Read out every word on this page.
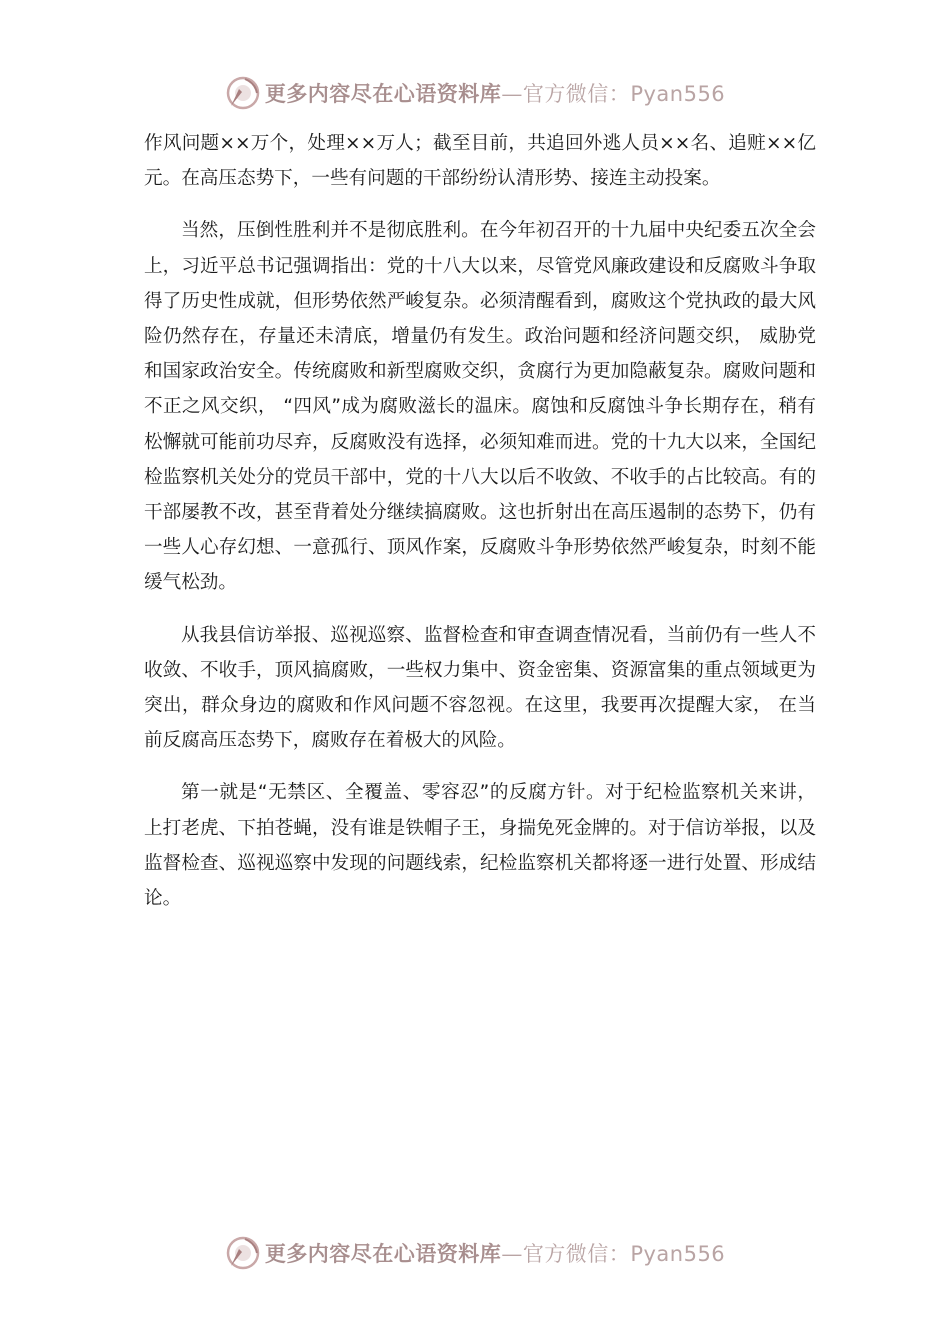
更多内容尽在心语资料库—官方微信：Pyan556

作风问题××万个，处理××万人；截至目前，共追回外逃人员××名、追赃××亿元。在高压态势下，一些有问题的干部纷纷认清形势、接连主动投案。

当然，压倒性胜利并不是彻底胜利。在今年初召开的十九届中央纪委五次全会上，习近平总书记强调指出：党的十八大以来，尽管党风廉政建设和反腐败斗争取得了历史性成就，但形势依然严峻复杂。必须清醒看到，腐败这个党执政的最大风险仍然存在，存量还未清底，增量仍有发生。政治问题和经济问题交织， 威胁党和国家政治安全。传统腐败和新型腐败交织，贪腐行为更加隐蔽复杂。腐败问题和不正之风交织， “四风”成为腐败滋长的温床。腐蚀和反腐蚀斗争长期存在，稍有松懈就可能前功尽弃，反腐败没有选择，必须知难而进。党的十九大以来，全国纪检监察机关处分的党员干部中，党的十八大以后不收敛、不收手的占比较高。有的干部屡教不改，甚至背着处分继续搞腐败。这也折射出在高压遏制的态势下，仍有一些人心存幻想、一意孤行、顶风作案，反腐败斗争形势依然严峻复杂，时刻不能缓气松劲。

从我县信访举报、巡视巡察、监督检查和审查调查情况看，当前仍有一些人不收敛、不收手，顶风搞腐败，一些权力集中、资金密集、资源富集的重点领域更为突出，群众身边的腐败和作风问题不容忽视。在这里，我要再次提醒大家， 在当前反腐高压态势下，腐败存在着极大的风险。

第一就是“无禁区、全覆盖、零容忍”的反腐方针。对于纪检监察机关来讲， 上打老虎、下拍苍蝇，没有谁是铁帽子王，身揣免死金牌的。对于信访举报，以及监督检查、巡视巡察中发现的问题线索，纪检监察机关都将逐一进行处置、形成结论。

更多内容尽在心语资料库—官方微信：Pyan556
